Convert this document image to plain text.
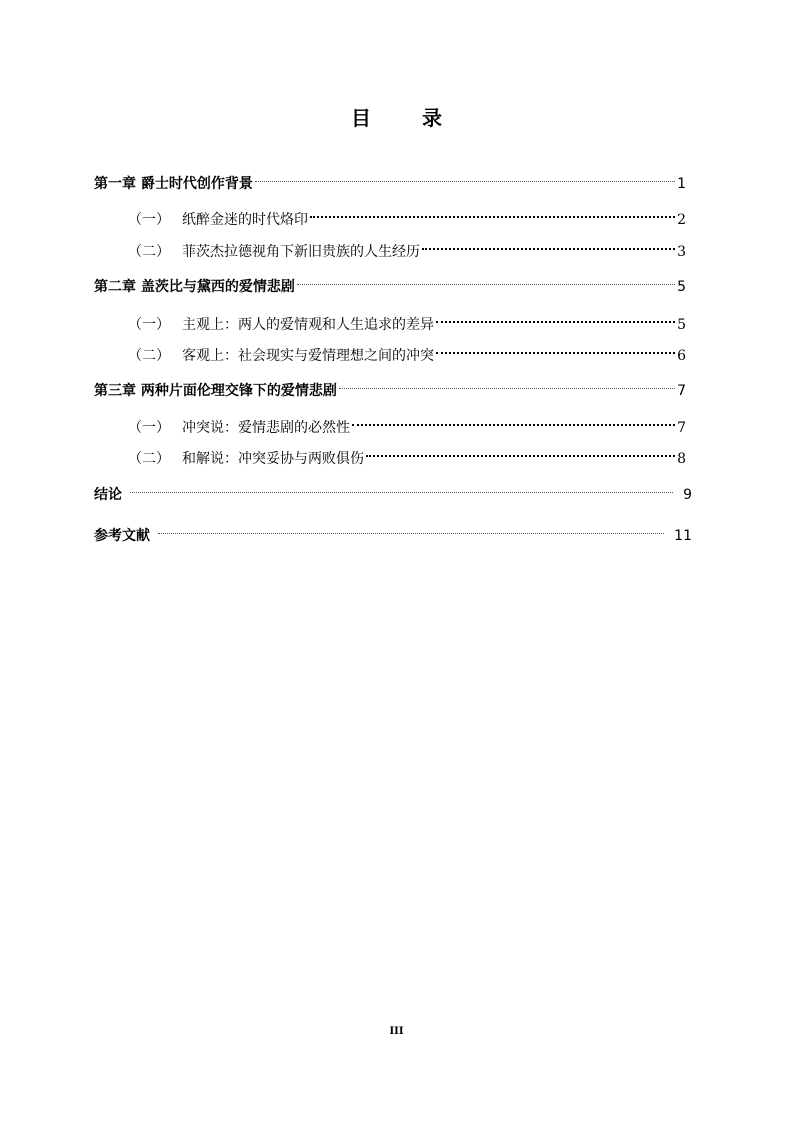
目 录
第一章 爵士时代创作背景	1
（一） 纸醉金迷的时代烙印	2
（二） 菲茨杰拉德视角下新旧贵族的人生经历	3
第二章 盖茨比与黛西的爱情悲剧	5
（一） 主观上：两人的爱情观和人生追求的差异	5
（二） 客观上：社会现实与爱情理想之间的冲突	6
第三章 两种片面伦理交锋下的爱情悲剧	7
（一） 冲突说：爱情悲剧的必然性	7
（二） 和解说：冲突妥协与两败俱伤	8
结论	9
参考文献	11
III
